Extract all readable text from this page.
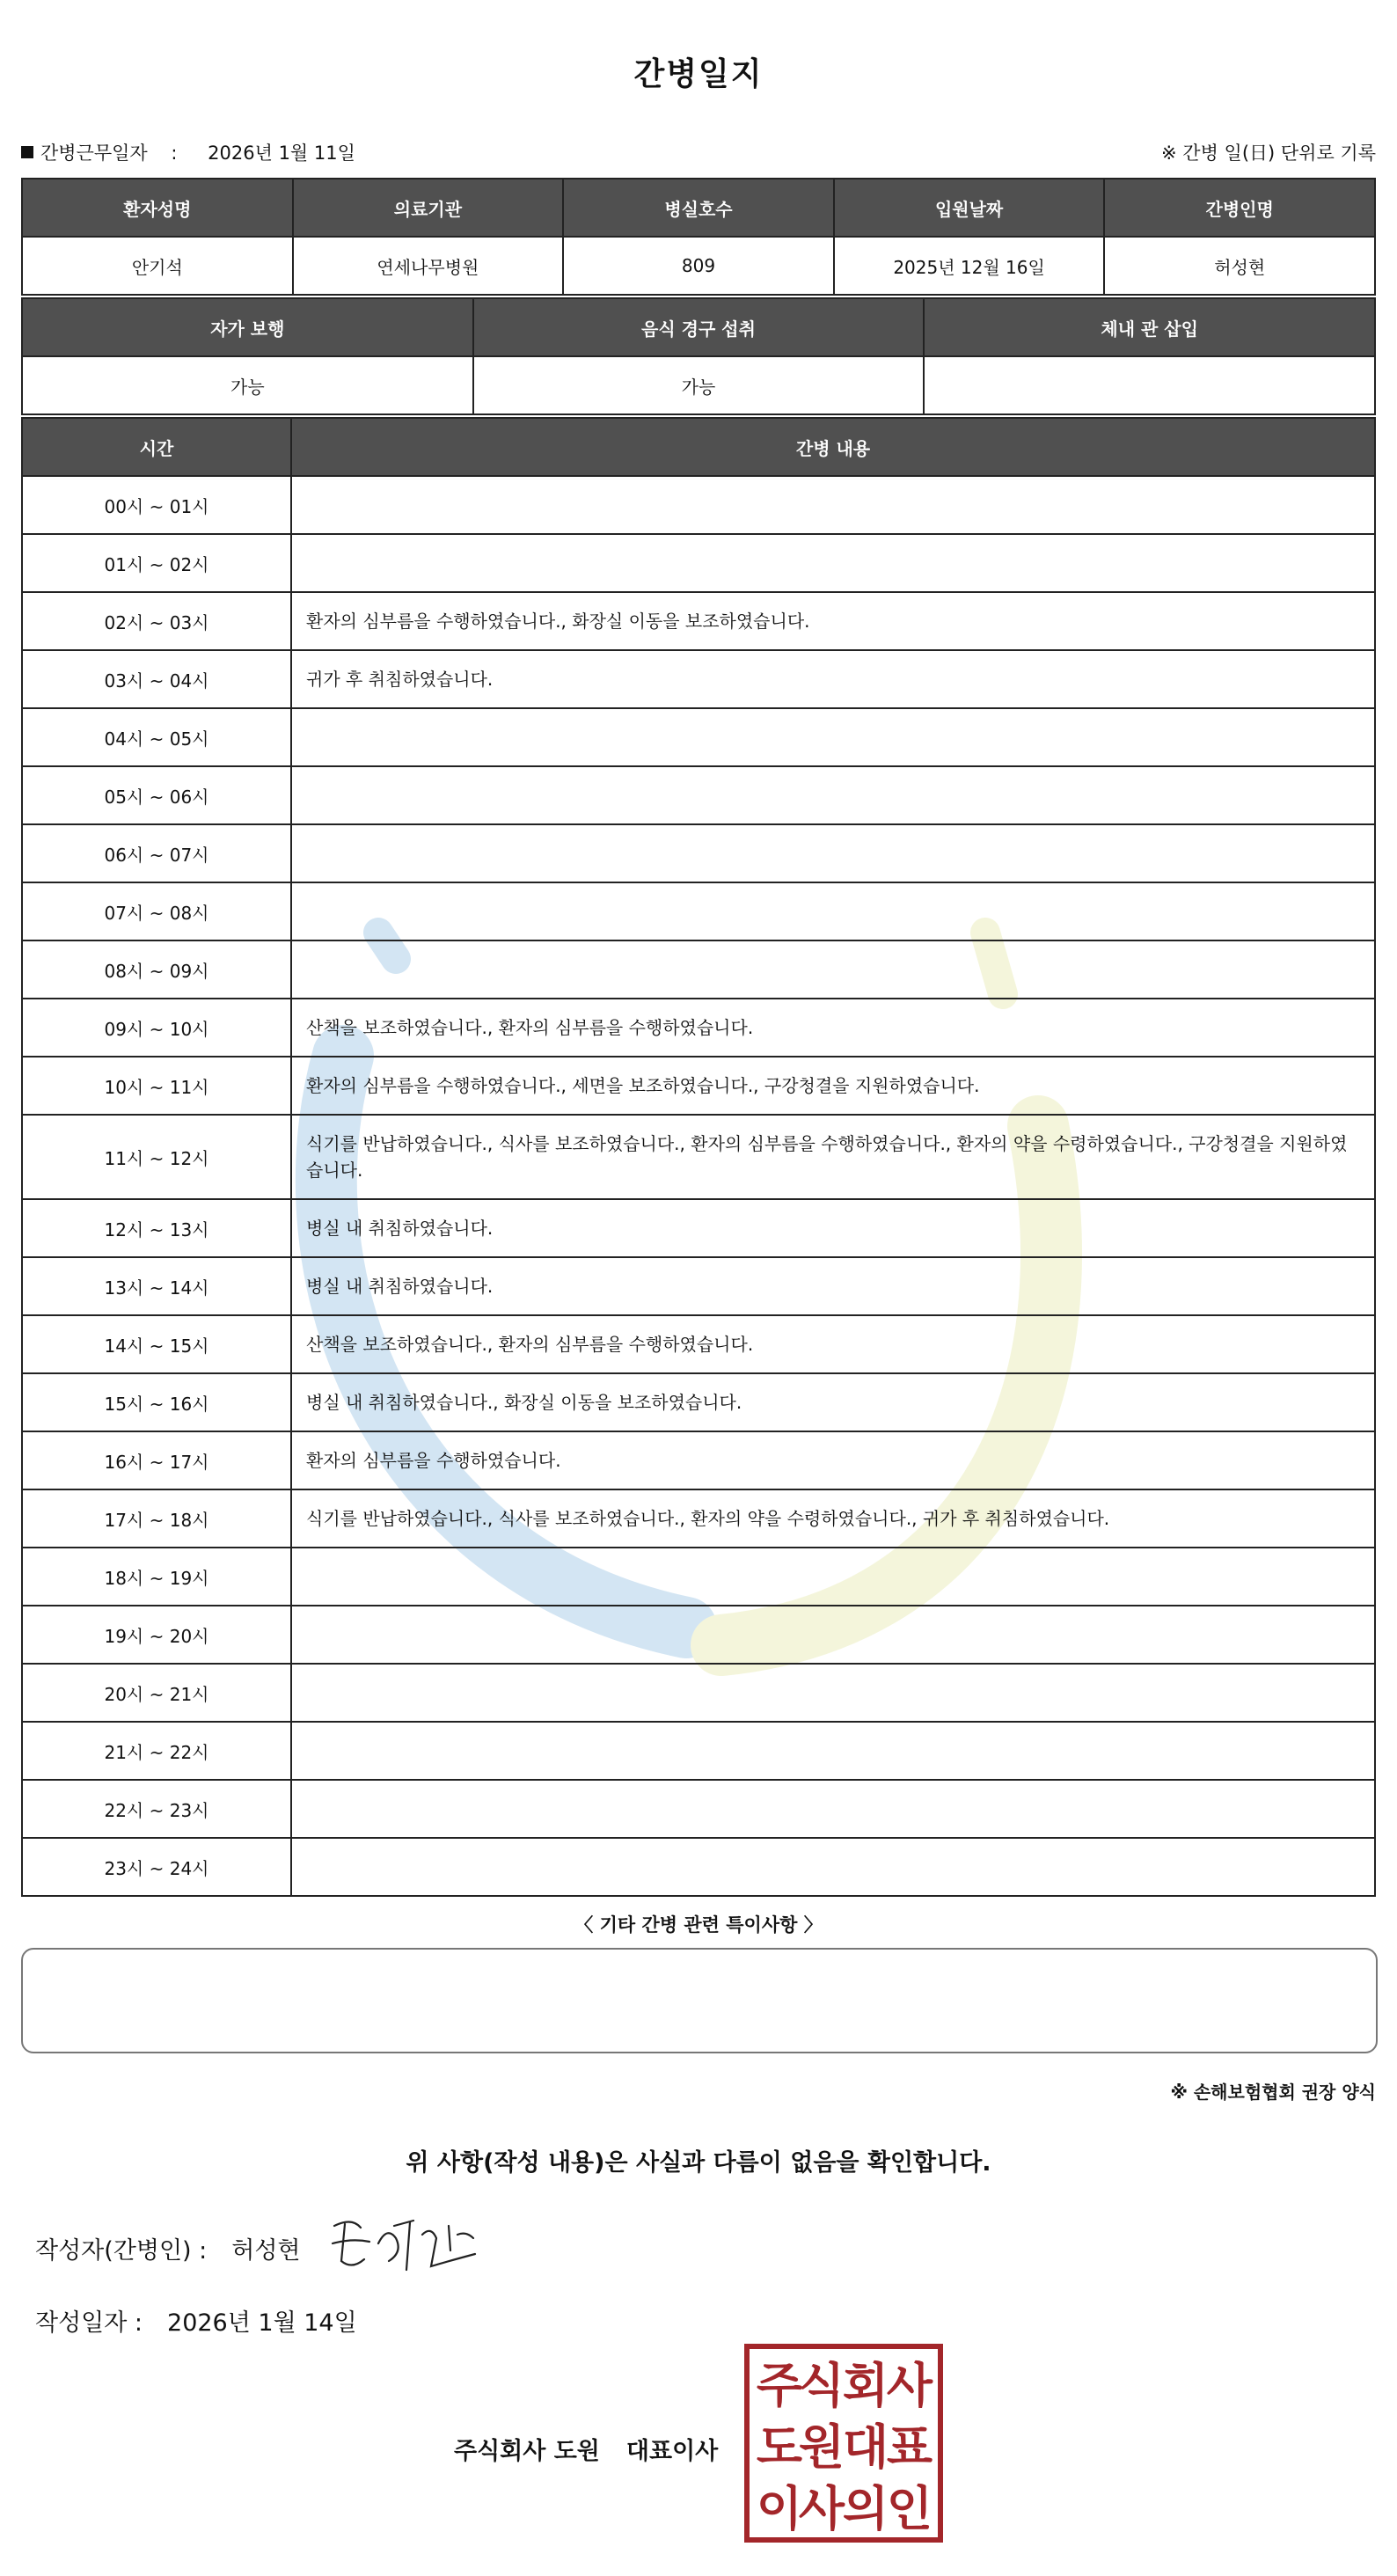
간병일지
간병근무일자 : 2026년 1월 11일	※ 간병 일(日) 단위로 기록
환자성명	의료기관	병실호수	입원날짜	간병인명
안기석	연세나무병원	809	2025년 12월 16일	허성현
자가 보행	음식 경구 섭취	체내 관 삽입
가능	가능	
시간	간병 내용
00시 ~ 01시	
01시 ~ 02시	
02시 ~ 03시	환자의 심부름을 수행하였습니다., 화장실 이동을 보조하였습니다.
03시 ~ 04시	귀가 후 취침하였습니다.
04시 ~ 05시	
05시 ~ 06시	
06시 ~ 07시	
07시 ~ 08시	
08시 ~ 09시	
09시 ~ 10시	산책을 보조하였습니다., 환자의 심부름을 수행하였습니다.
10시 ~ 11시	환자의 심부름을 수행하였습니다., 세면을 보조하였습니다., 구강청결을 지원하였습니다.
11시 ~ 12시	식기를 반납하였습니다., 식사를 보조하였습니다., 환자의 심부름을 수행하였습니다., 환자의 약을 수령하였습니다., 구강청결을 지원하였습니다.
12시 ~ 13시	병실 내 취침하였습니다.
13시 ~ 14시	병실 내 취침하였습니다.
14시 ~ 15시	산책을 보조하였습니다., 환자의 심부름을 수행하였습니다.
15시 ~ 16시	병실 내 취침하였습니다., 화장실 이동을 보조하였습니다.
16시 ~ 17시	환자의 심부름을 수행하였습니다.
17시 ~ 18시	식기를 반납하였습니다., 식사를 보조하였습니다., 환자의 약을 수령하였습니다., 귀가 후 취침하였습니다.
18시 ~ 19시	
19시 ~ 20시	
20시 ~ 21시	
21시 ~ 22시	
22시 ~ 23시	
23시 ~ 24시	
〈 기타 간병 관련 특이사항 〉
※ 손해보험협회 권장 양식
위 사항(작성 내용)은 사실과 다름이 없음을 확인합니다.
작성자(간병인) : 허성현
작성일자 : 2026년 1월 14일
주식회사 도원 대표이사
주
식
회
사
도
원
대
표
이
사
의
인
